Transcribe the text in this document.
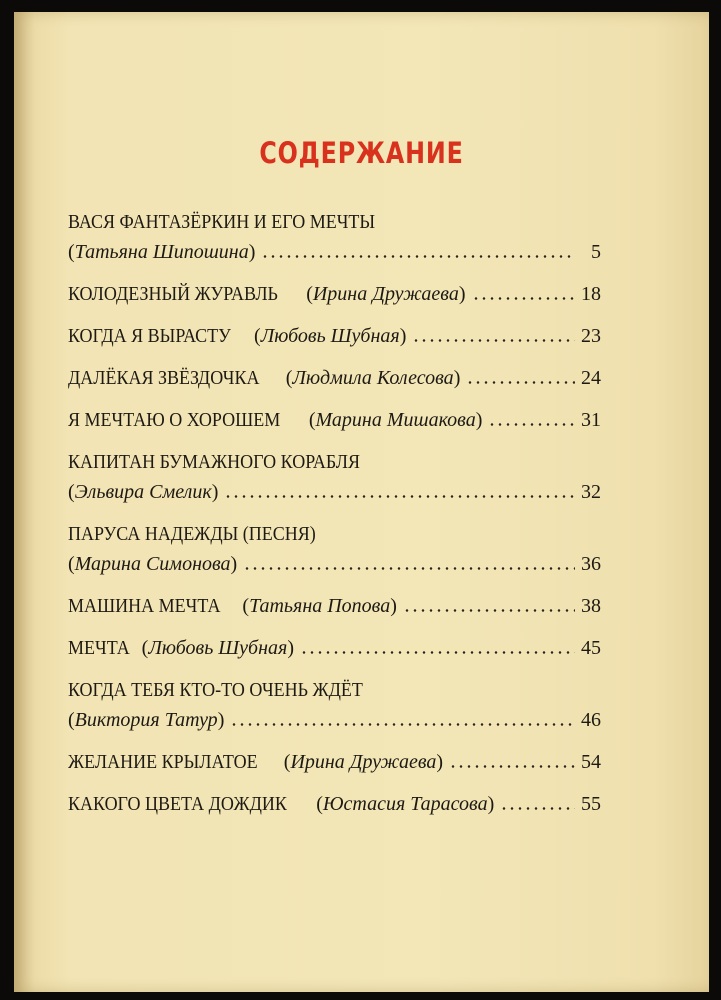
СОДЕРЖАНИЕ
ВАСЯ ФАНТАЗЁРКИН И ЕГО МЕЧТЫ
(Татьяна Шипошина)	5
КОЛОДЕЗНЫЙ ЖУРАВЛЬ (Ирина Дружаева)	18
КОГДА Я ВЫРАСТУ (Любовь Шубная)	23
ДАЛЁКАЯ ЗВЁЗДОЧКА (Людмила Колесова)	24
Я МЕЧТАЮ О ХОРОШЕМ (Марина Мишакова)	31
КАПИТАН БУМАЖНОГО КОРАБЛЯ
(Эльвира Смелик)	32
ПАРУСА НАДЕЖДЫ (ПЕСНЯ)
(Марина Симонова)	36
МАШИНА МЕЧТА (Татьяна Попова)	38
МЕЧТА (Любовь Шубная)	45
КОГДА ТЕБЯ КТО-ТО ОЧЕНЬ ЖДЁТ
(Виктория Татур)	46
ЖЕЛАНИЕ КРЫЛАТОЕ (Ирина Дружаева)	54
КАКОГО ЦВЕТА ДОЖДИК (Юстасия Тарасова)	55
